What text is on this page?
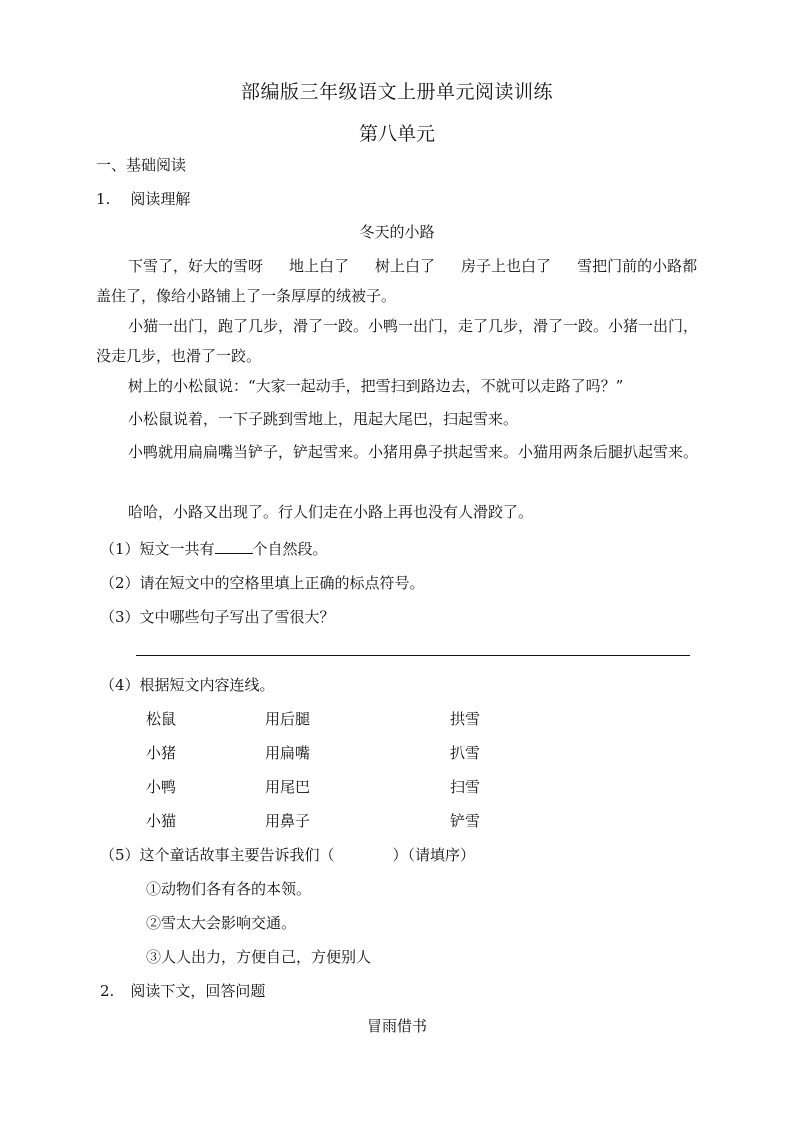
部编版三年级语文上册单元阅读训练
第八单元
一、基础阅读
1. 阅读理解
冬天的小路
下雪了，好大的雪呀 地上白了 树上白了 房子上也白了 雪把门前的小路都盖住了，像给小路铺上了一条厚厚的绒被子。
小猫一出门，跑了几步，滑了一跤。小鸭一出门，走了几步，滑了一跤。小猪一出门，没走几步，也滑了一跤。
树上的小松鼠说：“大家一起动手，把雪扫到路边去，不就可以走路了吗？”
小松鼠说着，一下子跳到雪地上，甩起大尾巴，扫起雪来。
小鸭就用扁扁嘴当铲子，铲起雪来。小猪用鼻子拱起雪来。小猫用两条后腿扒起雪来。
哈哈，小路又出现了。行人们走在小路上再也没有人滑跤了。
（1）短文一共有	个自然段。
（2）请在短文中的空格里填上正确的标点符号。
（3）文中哪些句子写出了雪很大？
（4）根据短文内容连线。
松鼠	用后腿	拱雪
小猪	用扁嘴	扒雪
小鸭	用尾巴	扫雪
小猫	用鼻子	铲雪
（5）这个童话故事主要告诉我们（	）（请填序）
①动物们各有各的本领。
②雪太大会影响交通。
③人人出力，方便自己，方便别人
2. 阅读下文，回答问题
冒雨借书
